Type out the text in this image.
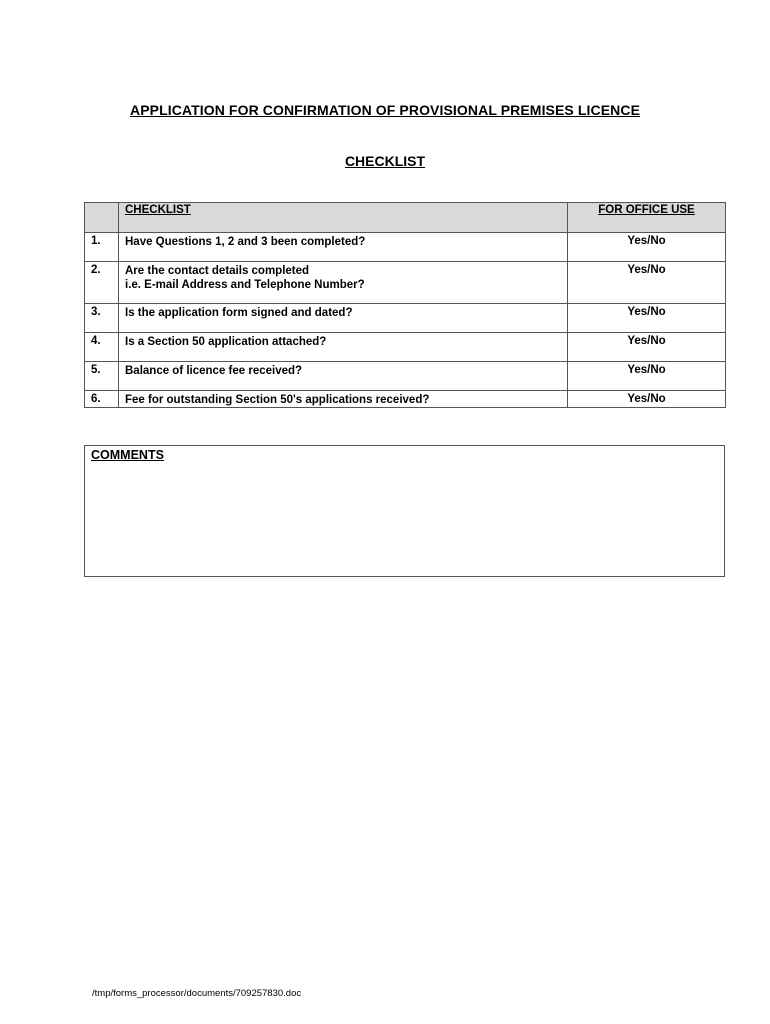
APPLICATION FOR CONFIRMATION OF PROVISIONAL PREMISES LICENCE
CHECKLIST
	CHECKLIST	FOR OFFICE USE
1.	Have Questions 1, 2 and 3 been completed?	Yes/No
2.	Are the contact details completed
i.e. E-mail Address and Telephone Number?	Yes/No
3.	Is the application form signed and dated?	Yes/No
4.	Is a Section 50 application attached?	Yes/No
5.	Balance of licence fee received?	Yes/No
6.	Fee for outstanding Section 50's applications received?	Yes/No
COMMENTS
/tmp/forms_processor/documents/709257830.doc
